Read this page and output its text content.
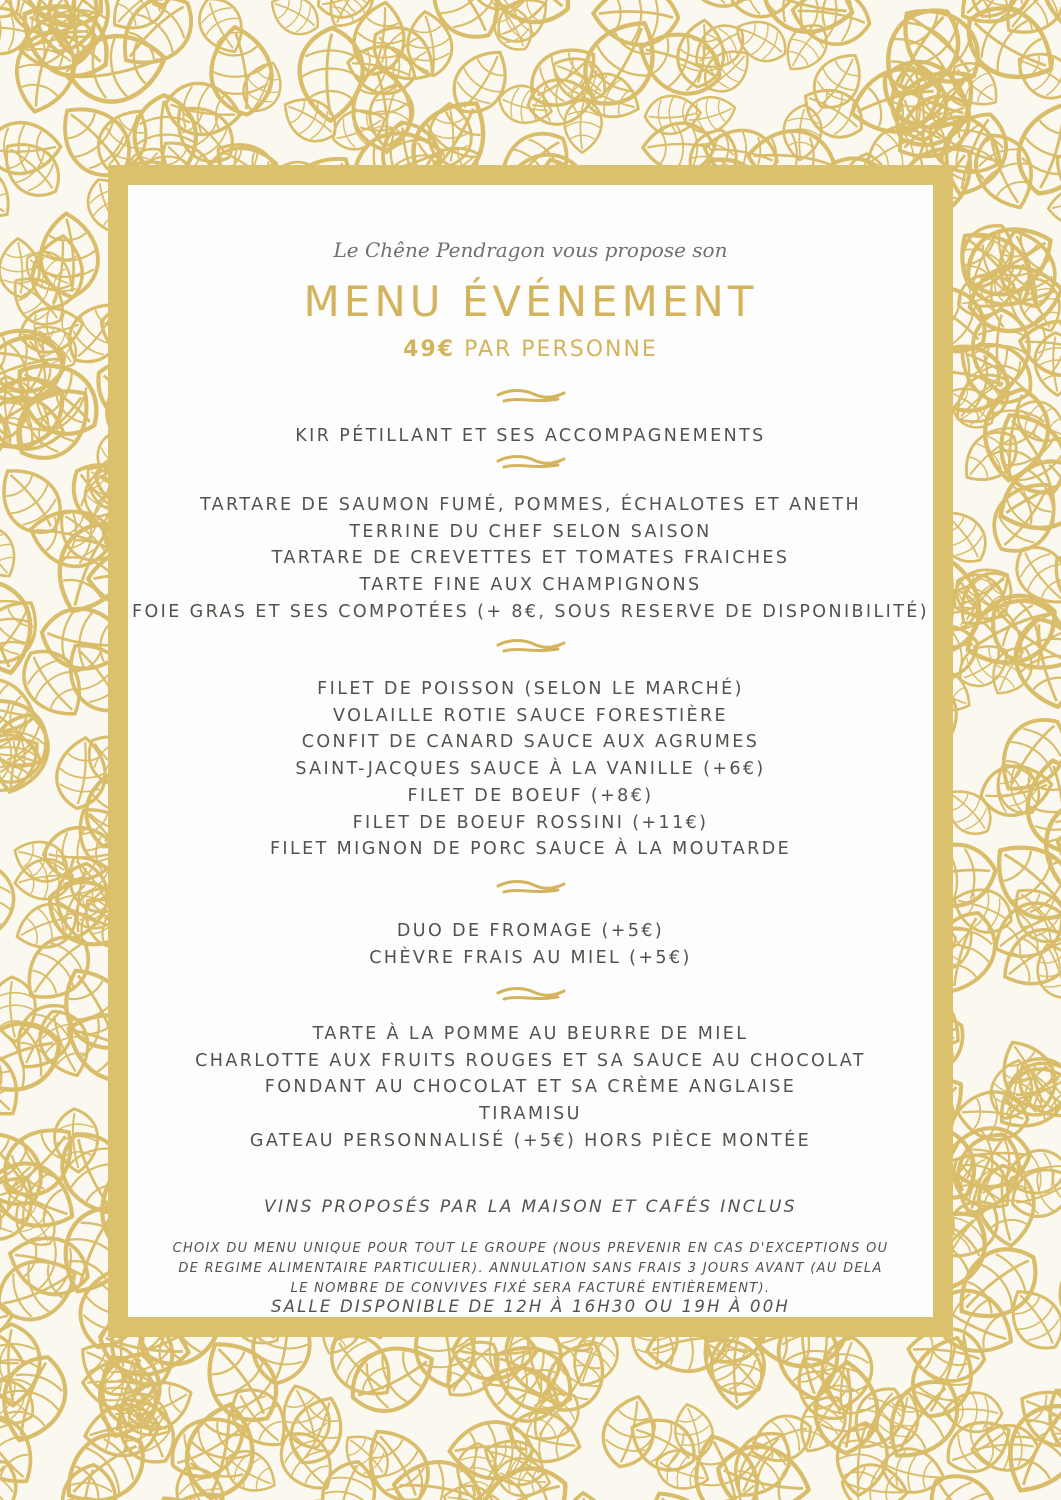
Le Chêne Pendragon vous propose son
MENU ÉVÉNEMENT
49€ PAR PERSONNE
KIR PÉTILLANT ET SES ACCOMPAGNEMENTS
TARTARE DE SAUMON FUMÉ, POMMES, ÉCHALOTES ET ANETH
TERRINE DU CHEF SELON SAISON
TARTARE DE CREVETTES ET TOMATES FRAICHES
TARTE FINE AUX CHAMPIGNONS
FOIE GRAS ET SES COMPOTÉES (+ 8€, SOUS RESERVE DE DISPONIBILITÉ)
FILET DE POISSON (SELON LE MARCHÉ)
VOLAILLE ROTIE SAUCE FORESTIÈRE
CONFIT DE CANARD SAUCE AUX AGRUMES
SAINT-JACQUES SAUCE À LA VANILLE (+6€)
FILET DE BOEUF (+8€)
FILET DE BOEUF ROSSINI (+11€)
FILET MIGNON DE PORC SAUCE À LA MOUTARDE
DUO DE FROMAGE (+5€)
CHÈVRE FRAIS AU MIEL (+5€)
TARTE À LA POMME AU BEURRE DE MIEL
CHARLOTTE AUX FRUITS ROUGES ET SA SAUCE AU CHOCOLAT
FONDANT AU CHOCOLAT ET SA CRÈME ANGLAISE
TIRAMISU
GATEAU PERSONNALISÉ (+5€) HORS PIÈCE MONTÉE
VINS PROPOSÉS PAR LA MAISON ET CAFÉS INCLUS
CHOIX DU MENU UNIQUE POUR TOUT LE GROUPE (NOUS PREVENIR EN CAS D'EXCEPTIONS OU
DE REGIME ALIMENTAIRE PARTICULIER). ANNULATION SANS FRAIS 3 JOURS AVANT (AU DELA
LE NOMBRE DE CONVIVES FIXÉ SERA FACTURÉ ENTIÈREMENT).
SALLE DISPONIBLE DE 12H À 16H30 OU 19H À 00H
